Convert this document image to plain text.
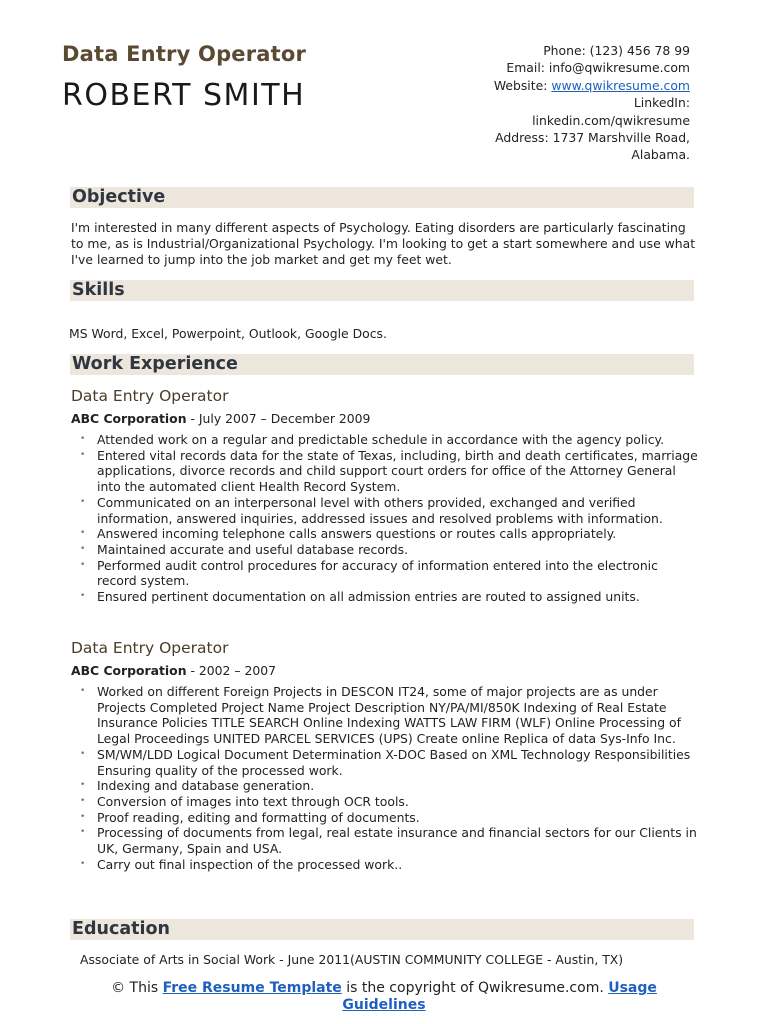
Data Entry Operator
ROBERT SMITH
Phone: (123) 456 78 99
Email: info@qwikresume.com
Website: www.qwikresume.com
LinkedIn:
linkedin.com/qwikresume
Address: 1737 Marshville Road,
Alabama.
Objective

I'm interested in many different aspects of Psychology. Eating disorders are particularly fascinating to me, as is Industrial/Organizational Psychology. I'm looking to get a start somewhere and use what I've learned to jump into the job market and get my feet wet.

Skills

MS Word, Excel, Powerpoint, Outlook, Google Docs.

Work Experience
Data Entry Operator
ABC Corporation - July 2007 – December 2009
• Attended work on a regular and predictable schedule in accordance with the agency policy.
• Entered vital records data for the state of Texas, including, birth and death certificates, marriage applications, divorce records and child support court orders for office of the Attorney General into the automated client Health Record System.
• Communicated on an interpersonal level with others provided, exchanged and verified information, answered inquiries, addressed issues and resolved problems with information.
• Answered incoming telephone calls answers questions or routes calls appropriately.
• Maintained accurate and useful database records.
• Performed audit control procedures for accuracy of information entered into the electronic record system.
• Ensured pertinent documentation on all admission entries are routed to assigned units.
Data Entry Operator
ABC Corporation - 2002 – 2007
• Worked on different Foreign Projects in DESCON IT24, some of major projects are as under Projects Completed Project Name Project Description NY/PA/MI/850K Indexing of Real Estate Insurance Policies TITLE SEARCH Online Indexing WATTS LAW FIRM (WLF) Online Processing of Legal Proceedings UNITED PARCEL SERVICES (UPS) Create online Replica of data Sys-Info Inc.
• SM/WM/LDD Logical Document Determination X-DOC Based on XML Technology Responsibilities Ensuring quality of the processed work.
• Indexing and database generation.
• Conversion of images into text through OCR tools.
• Proof reading, editing and formatting of documents.
• Processing of documents from legal, real estate insurance and financial sectors for our Clients in UK, Germany, Spain and USA.
• Carry out final inspection of the processed work..
Education

Associate of Arts in Social Work - June 2011(AUSTIN COMMUNITY COLLEGE - Austin, TX)

© This Free Resume Template is the copyright of Qwikresume.com. Usage Guidelines
